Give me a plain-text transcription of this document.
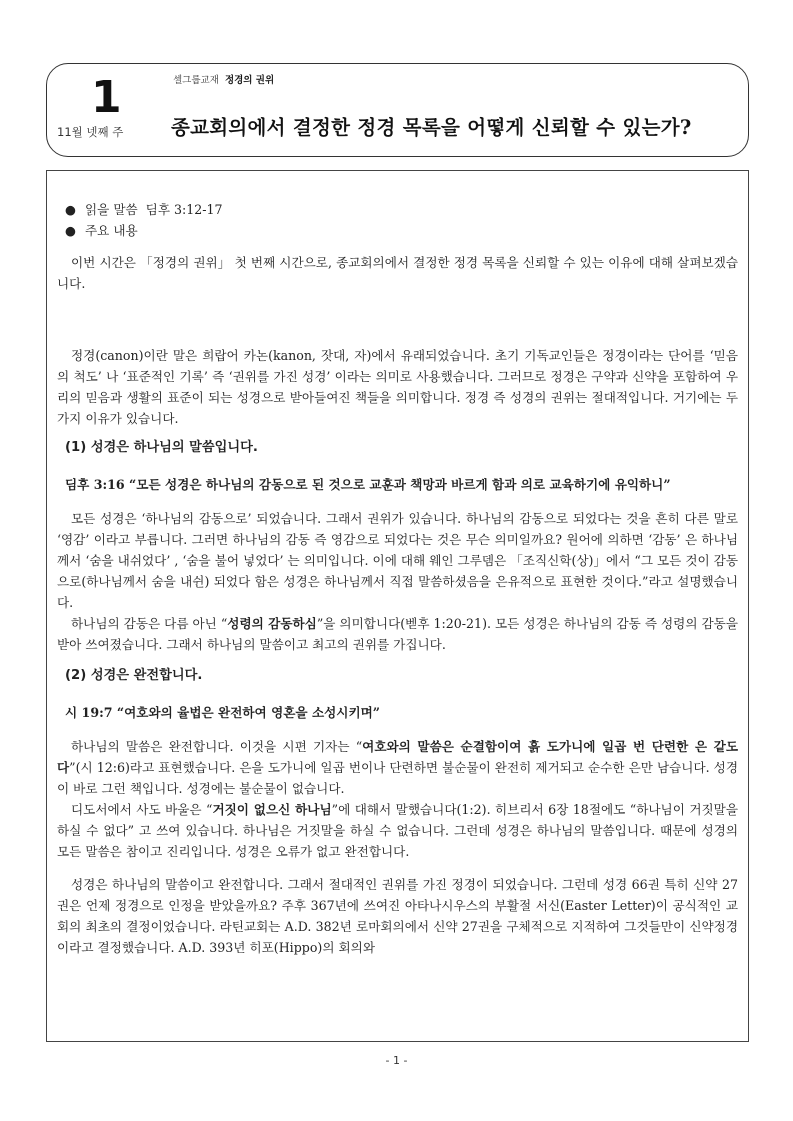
1
11월 넷째 주
셀그룹교재 정경의 권위
종교회의에서 결정한 정경 목록을 어떻게 신뢰할 수 있는가?

● 읽을 말씀 딤후 3:12-17

● 주요 내용

이번 시간은 「정경의 권위」 첫 번째 시간으로, 종교회의에서 결정한 정경 목록을 신뢰할 수 있는 이유에 대해 살펴보겠습니다.

정경(canon)이란 말은 희랍어 카논(kanon, 잣대, 자)에서 유래되었습니다. 초기 기독교인들은 정경이라는 단어를 ‘믿음의 척도’ 나 ‘표준적인 기록’ 즉 ‘권위를 가진 성경’ 이라는 의미로 사용했습니다. 그러므로 정경은 구약과 신약을 포함하여 우리의 믿음과 생활의 표준이 되는 성경으로 받아들여진 책들을 의미합니다. 정경 즉 성경의 권위는 절대적입니다. 거기에는 두 가지 이유가 있습니다.

(1) 성경은 하나님의 말씀입니다.

딤후 3:16 “모든 성경은 하나님의 감동으로 된 것으로 교훈과 책망과 바르게 함과 의로 교육하기에 유익하니”

모든 성경은 ‘하나님의 감동으로’ 되었습니다. 그래서 권위가 있습니다. 하나님의 감동으로 되었다는 것을 흔히 다른 말로 ‘영감’ 이라고 부릅니다. 그러면 하나님의 감동 즉 영감으로 되었다는 것은 무슨 의미일까요? 원어에 의하면 ‘감동’ 은 하나님께서 ‘숨을 내쉬었다’ , ‘숨을 불어 넣었다’ 는 의미입니다. 이에 대해 웨인 그루뎀은 「조직신학(상)」에서 “그 모든 것이 감동으로(하나님께서 숨을 내쉰) 되었다 함은 성경은 하나님께서 직접 말씀하셨음을 은유적으로 표현한 것이다.”라고 설명했습니다.

하나님의 감동은 다름 아닌 “성령의 감동하심”을 의미합니다(벧후 1:20-21). 모든 성경은 하나님의 감동 즉 성령의 감동을 받아 쓰여졌습니다. 그래서 하나님의 말씀이고 최고의 권위를 가집니다.

(2) 성경은 완전합니다.

시 19:7 “여호와의 율법은 완전하여 영혼을 소성시키며”

하나님의 말씀은 완전합니다. 이것을 시편 기자는 “여호와의 말씀은 순결함이여 흙 도가니에 일곱 번 단련한 은 같도다”(시 12:6)라고 표현했습니다. 은을 도가니에 일곱 번이나 단련하면 불순물이 완전히 제거되고 순수한 은만 남습니다. 성경이 바로 그런 책입니다. 성경에는 불순물이 없습니다.

디도서에서 사도 바울은 “거짓이 없으신 하나님”에 대해서 말했습니다(1:2). 히브리서 6장 18절에도 “하나님이 거짓말을 하실 수 없다” 고 쓰여 있습니다. 하나님은 거짓말을 하실 수 없습니다. 그런데 성경은 하나님의 말씀입니다. 때문에 성경의 모든 말씀은 참이고 진리입니다. 성경은 오류가 없고 완전합니다.

성경은 하나님의 말씀이고 완전합니다. 그래서 절대적인 권위를 가진 정경이 되었습니다. 그런데 성경 66권 특히 신약 27권은 언제 정경으로 인정을 받았을까요? 주후 367년에 쓰여진 아타나시우스의 부활절 서신(Easter Letter)이 공식적인 교회의 최초의 결정이었습니다. 라틴교회는 A.D. 382년 로마회의에서 신약 27권을 구체적으로 지적하여 그것들만이 신약정경이라고 결정했습니다. A.D. 393년 히포(Hippo)의 회의와

- 1 -
